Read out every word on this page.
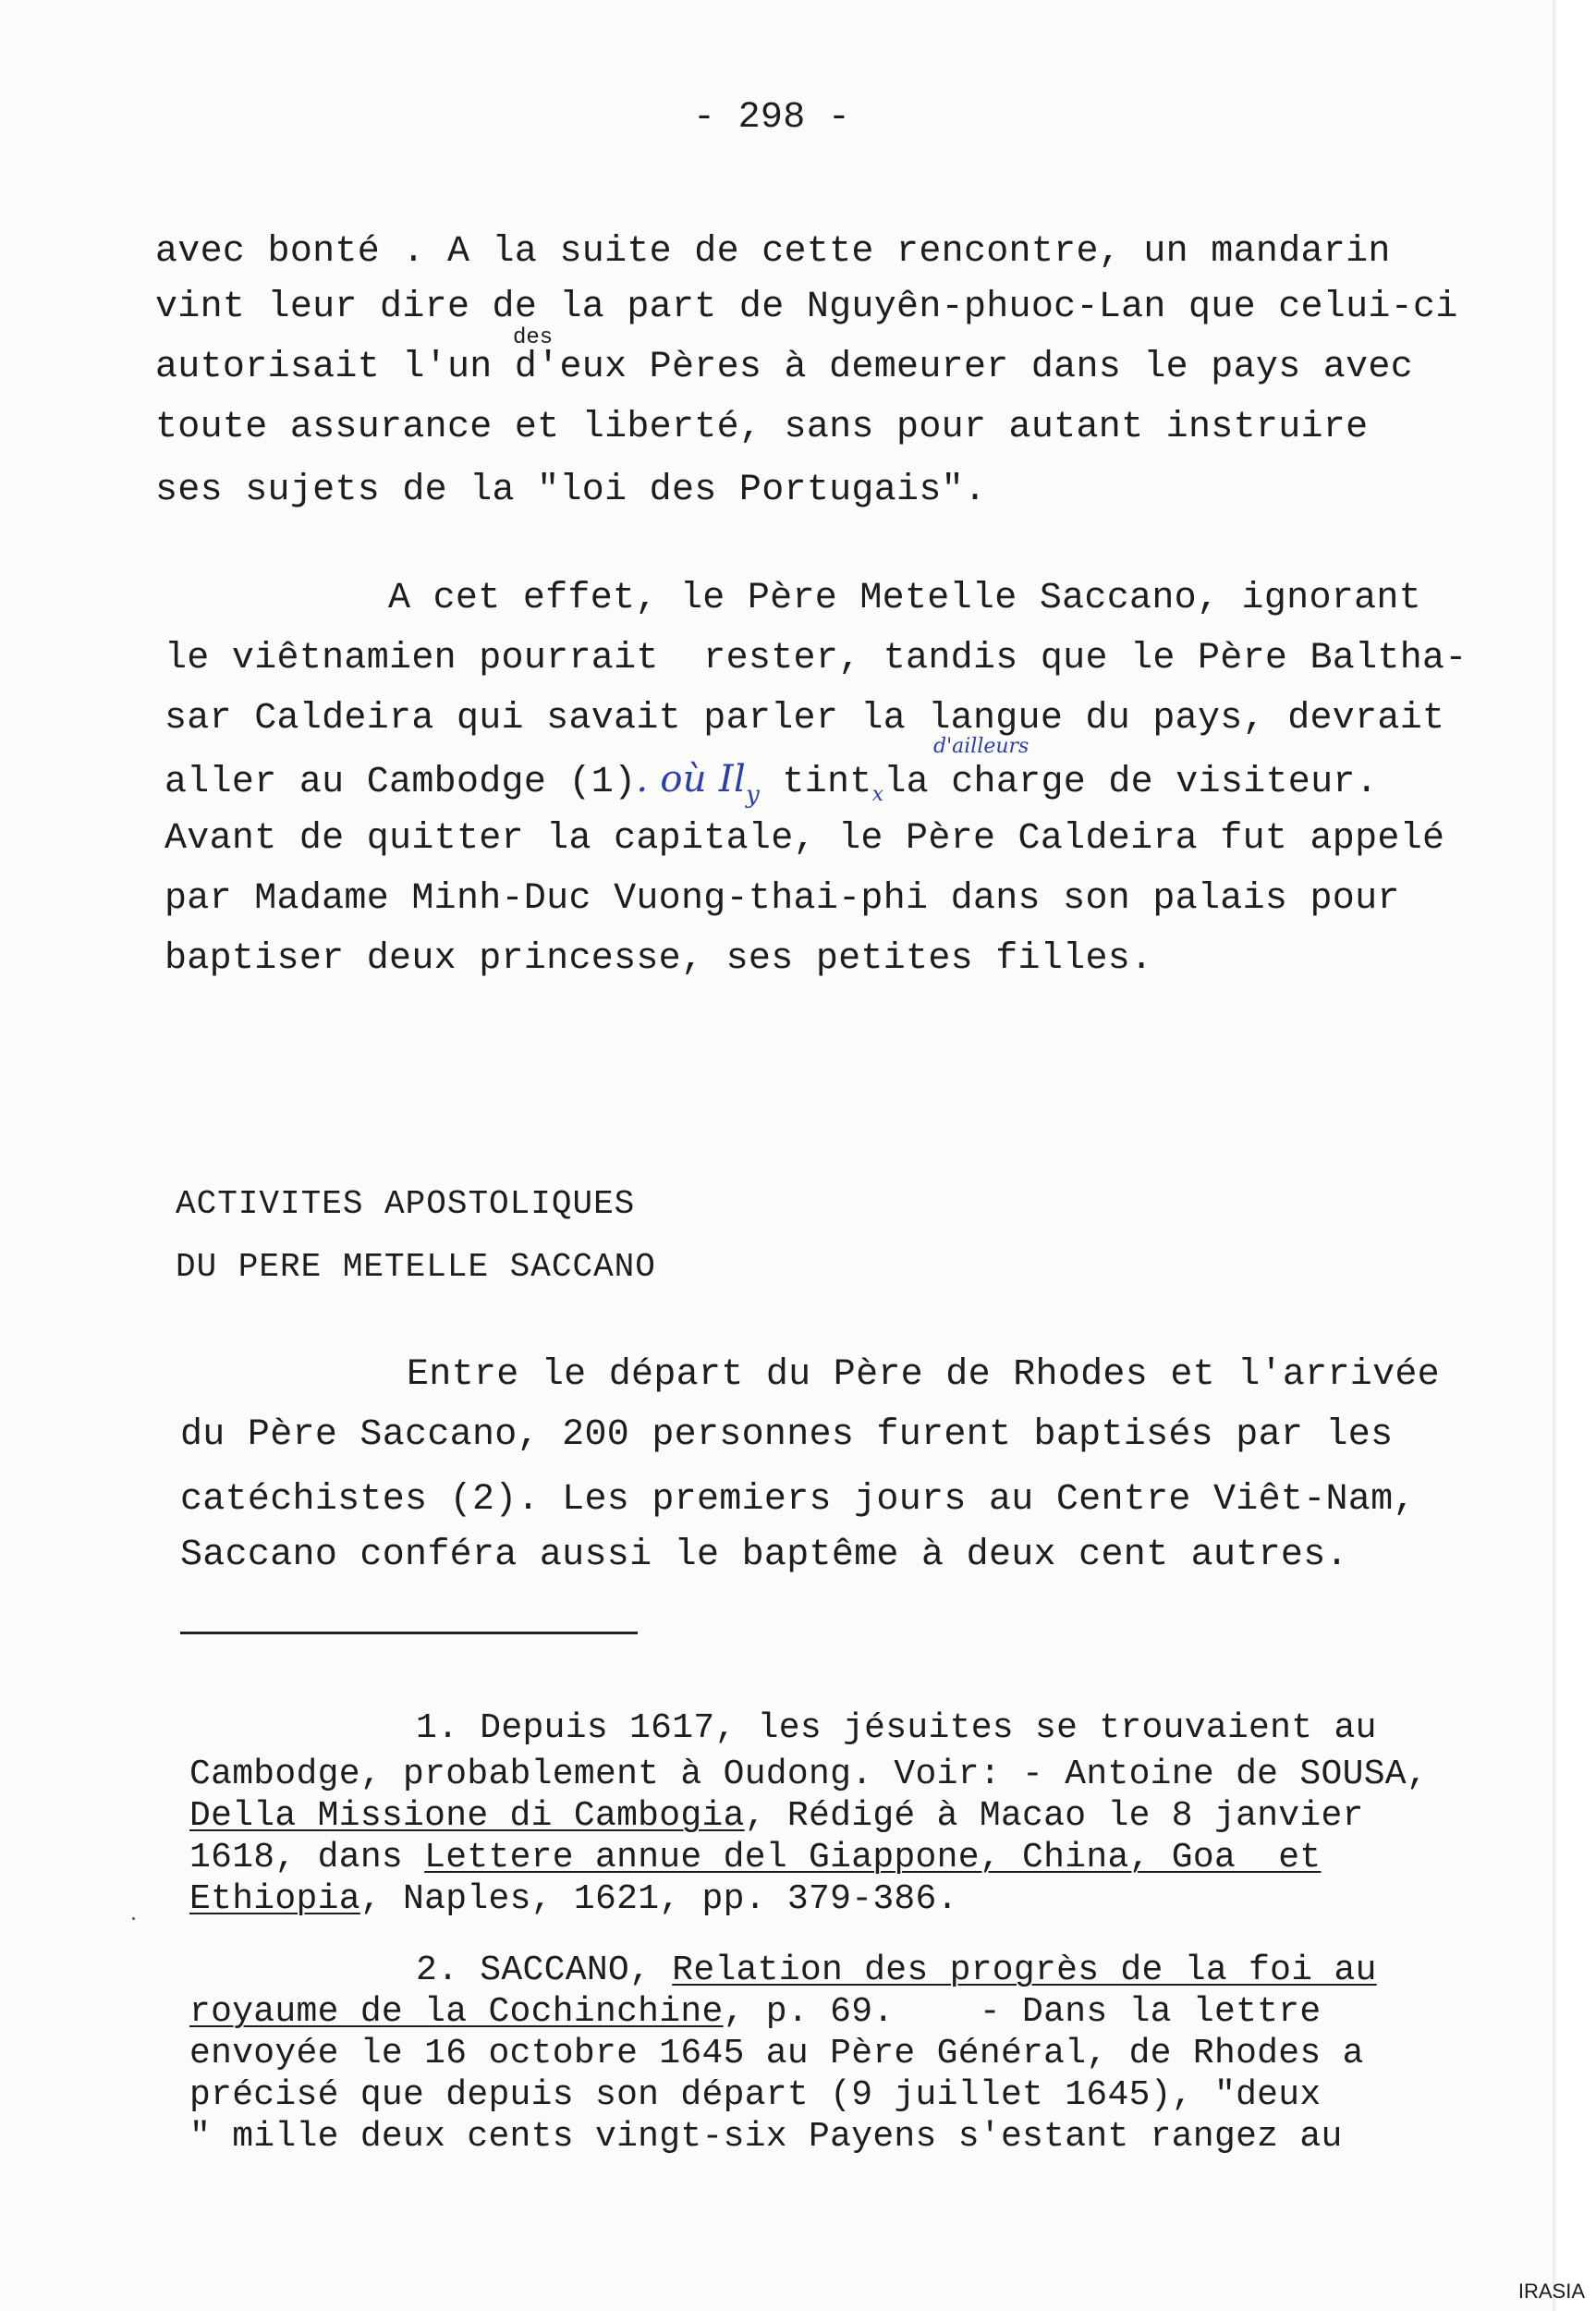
- 298 -
avec bonté . A la suite de cette rencontre, un mandarin
vint leur dire de la part de Nguyên-phuoc-Lan que celui-ci
des
autorisait l'un d'eux Pères à demeurer dans le pays avec
toute assurance et liberté, sans pour autant instruire
ses sujets de la "loi des Portugais".
A cet effet, le Père Metelle Saccano, ignorant
le viêtnamien pourrait  rester, tandis que le Père Baltha-
sar Caldeira qui savait parler la langue du pays, devrait
d'ailleurs
aller au Cambodge (1). où $Il_y$ tint$_x$la charge de visiteur.
Avant de quitter la capitale, le Père Caldeira fut appelé
par Madame Minh-Duc Vuong-thai-phi dans son palais pour
baptiser deux princesse, ses petites filles.
ACTIVITES APOSTOLIQUES
DU PERE METELLE SACCANO
Entre le départ du Père de Rhodes et l'arrivée
du Père Saccano, 200 personnes furent baptisés par les
catéchistes (2). Les premiers jours au Centre Viêt-Nam,
Saccano conféra aussi le baptême à deux cent autres.
1. Depuis 1617, les jésuites se trouvaient au
Cambodge, probablement à Oudong. Voir: - Antoine de SOUSA,
Della Missione di Cambogia, Rédigé à Macao le 8 janvier
1618, dans Lettere annue del Giappone, China, Goa  et
Ethiopia, Naples, 1621, pp. 379-386.
2. SACCANO, Relation des progrès de la foi au
royaume de la Cochinchine, p. 69.    - Dans la lettre
envoyée le 16 octobre 1645 au Père Général, de Rhodes a
précisé que depuis son départ (9 juillet 1645), "deux
" mille deux cents vingt-six Payens s'estant rangez au
IRASIA
